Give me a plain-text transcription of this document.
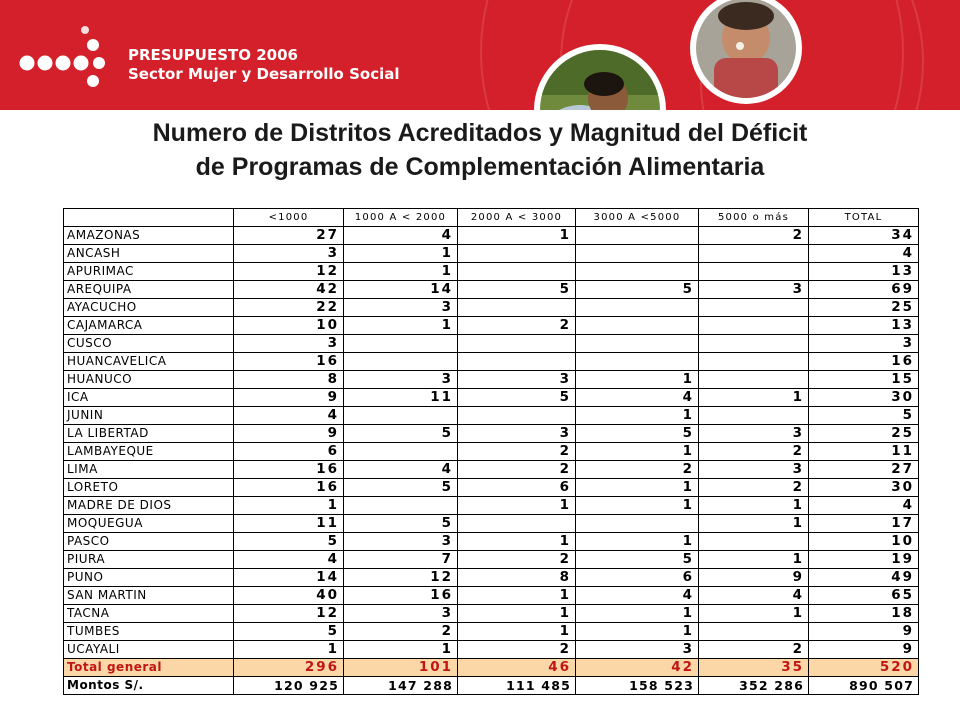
PRESUPUESTO 2006
Sector Mujer y Desarrollo Social
Numero de Distritos Acreditados y Magnitud del Déficit
de Programas de Complementación Alimentaria
	<1000	1000 A < 2000	2000 A < 3000	3000 A <5000	5000 o más	TOTAL
AMAZONAS	27	4	1		2	34
ANCASH	3	1				4
APURIMAC	12	1				13
AREQUIPA	42	14	5	5	3	69
AYACUCHO	22	3				25
CAJAMARCA	10	1	2			13
CUSCO	3					3
HUANCAVELICA	16					16
HUANUCO	8	3	3	1		15
ICA	9	11	5	4	1	30
JUNIN	4			1		5
LA LIBERTAD	9	5	3	5	3	25
LAMBAYEQUE	6		2	1	2	11
LIMA	16	4	2	2	3	27
LORETO	16	5	6	1	2	30
MADRE DE DIOS	1		1	1	1	4
MOQUEGUA	11	5			1	17
PASCO	5	3	1	1		10
PIURA	4	7	2	5	1	19
PUNO	14	12	8	6	9	49
SAN MARTIN	40	16	1	4	4	65
TACNA	12	3	1	1	1	18
TUMBES	5	2	1	1		9
UCAYALI	1	1	2	3	2	9
Total general	296	101	46	42	35	520
Montos S/.	120 925	147 288	111 485	158 523	352 286	890 507
